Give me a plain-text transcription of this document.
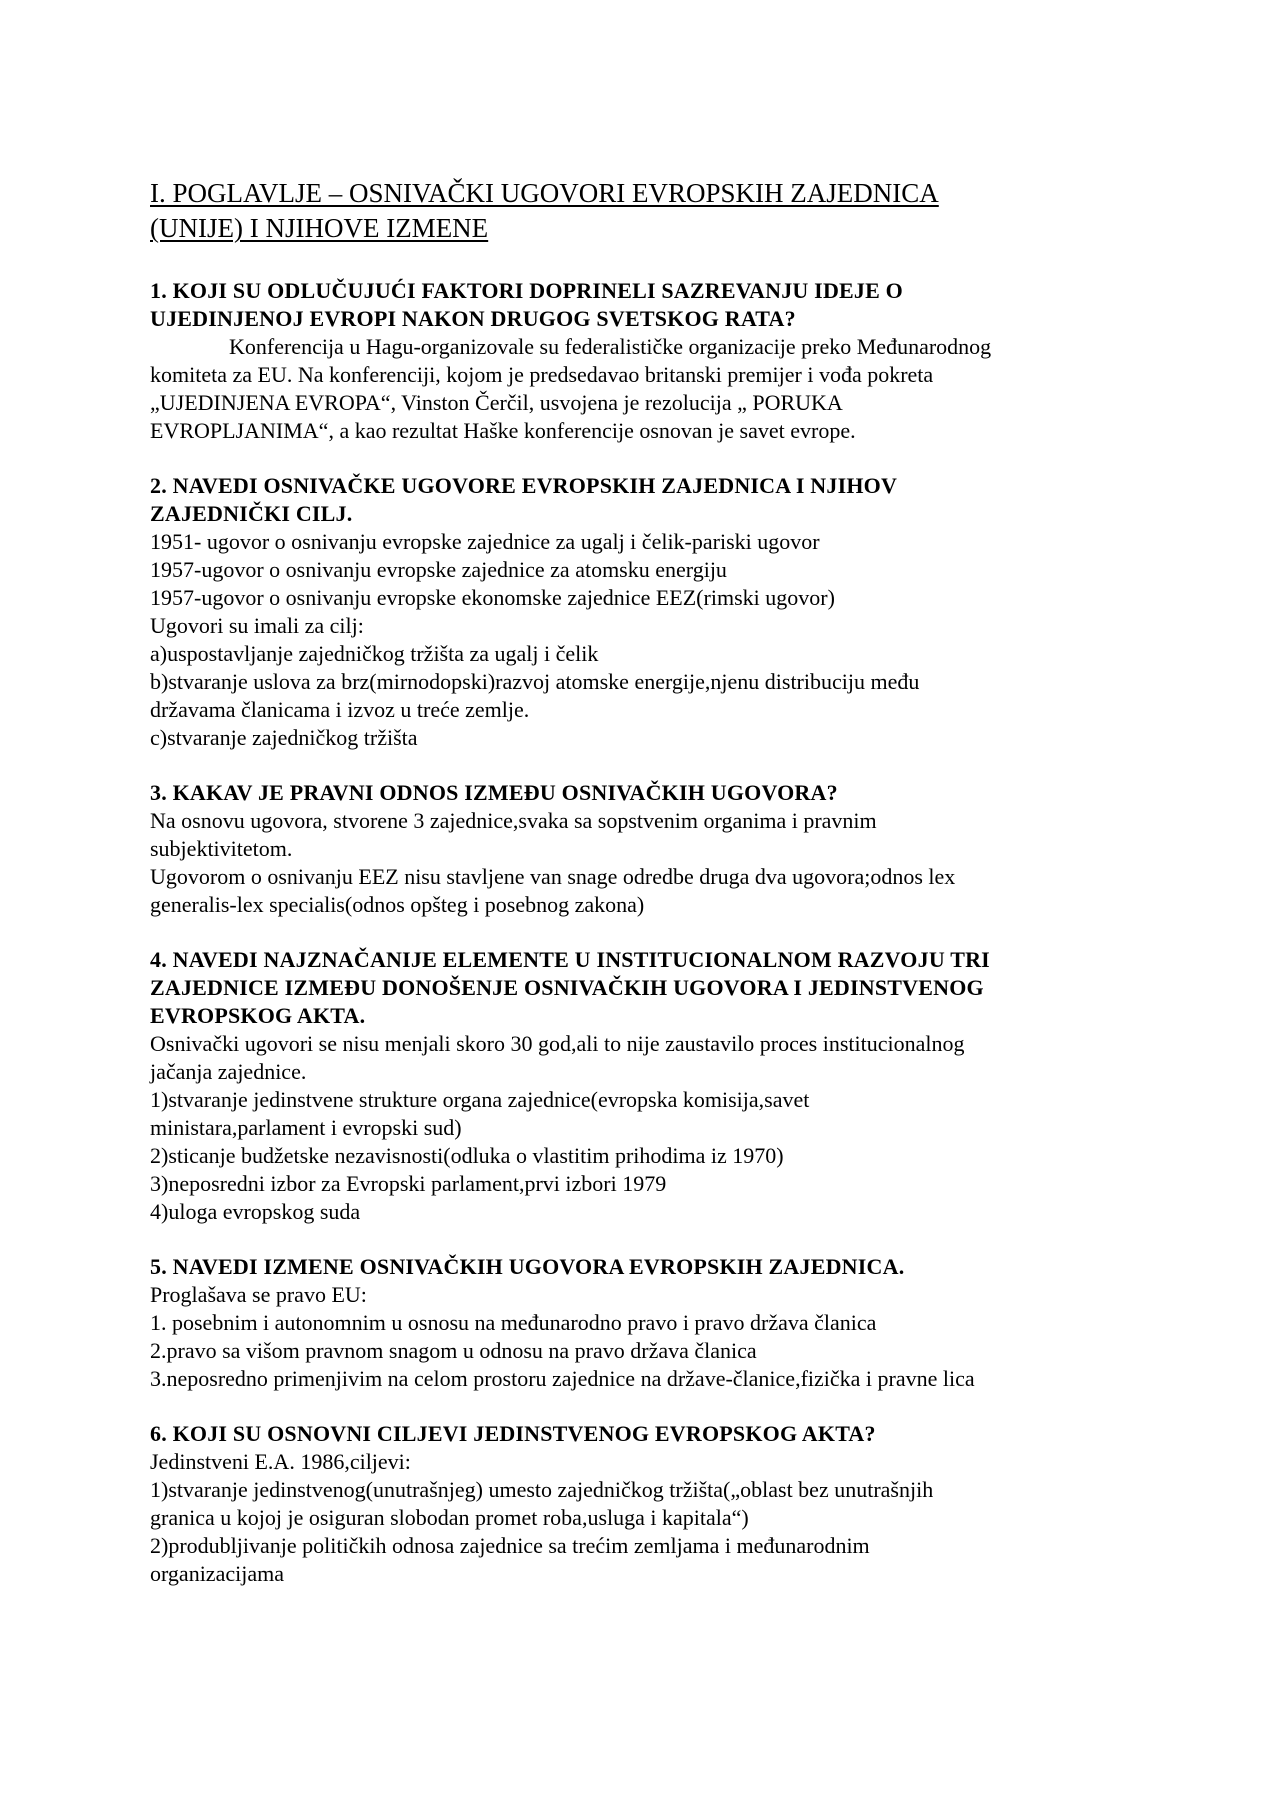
I. POGLAVLJE – OSNIVAČKI UGOVORI EVROPSKIH ZAJEDNICA
(UNIJE) I NJIHOVE IZMENE
1. KOJI SU ODLUČUJUĆI FAKTORI DOPRINELI SAZREVANJU IDEJE O
UJEDINJENOJ EVROPI NAKON DRUGOG SVETSKOG RATA?

Konferencija u Hagu-organizovale su federalističke organizacije preko Međunarodnog

komiteta za EU. Na konferenciji, kojom je predsedavao britanski premijer i vođa pokreta

„UJEDINJENA EVROPA“, Vinston Čerčil, usvojena je rezolucija „ PORUKA

EVROPLJANIMA“, a kao rezultat Haške konferencije osnovan je savet evrope.

2. NAVEDI OSNIVAČKE UGOVORE EVROPSKIH ZAJEDNICA I NJIHOV
ZAJEDNIČKI CILJ.

1951- ugovor o osnivanju evropske zajednice za ugalj i čelik-pariski ugovor

1957-ugovor o osnivanju evropske zajednice za atomsku energiju

1957-ugovor o osnivanju evropske ekonomske zajednice EEZ(rimski ugovor)

Ugovori su imali za cilj:

a)uspostavljanje zajedničkog tržišta za ugalj i čelik

b)stvaranje uslova za brz(mirnodopski)razvoj atomske energije,njenu distribuciju među

državama članicama i izvoz u treće zemlje.

c)stvaranje zajedničkog tržišta

3. KAKAV JE PRAVNI ODNOS IZMEĐU OSNIVAČKIH UGOVORA?

Na osnovu ugovora, stvorene 3 zajednice,svaka sa sopstvenim organima i pravnim

subjektivitetom.

Ugovorom o osnivanju EEZ nisu stavljene van snage odredbe druga dva ugovora;odnos lex

generalis-lex specialis(odnos opšteg i posebnog zakona)

4. NAVEDI NAJZNAČANIJE ELEMENTE U INSTITUCIONALNOM RAZVOJU TRI
ZAJEDNICE IZMEĐU DONOŠENJE OSNIVAČKIH UGOVORA I JEDINSTVENOG
EVROPSKOG AKTA.

Osnivački ugovori se nisu menjali skoro 30 god,ali to nije zaustavilo proces institucionalnog

jačanja zajednice.

1)stvaranje jedinstvene strukture organa zajednice(evropska komisija,savet

ministara,parlament i evropski sud)

2)sticanje budžetske nezavisnosti(odluka o vlastitim prihodima iz 1970)

3)neposredni izbor za Evropski parlament,prvi izbori 1979

4)uloga evropskog suda

5. NAVEDI IZMENE OSNIVAČKIH UGOVORA EVROPSKIH ZAJEDNICA.

Proglašava se pravo EU:

1. posebnim i autonomnim u osnosu na međunarodno pravo i pravo država članica

2.pravo sa višom pravnom snagom u odnosu na pravo država članica

3.neposredno primenjivim na celom prostoru zajednice na države-članice,fizička i pravne lica

6. KOJI SU OSNOVNI CILJEVI JEDINSTVENOG EVROPSKOG AKTA?

Jedinstveni E.A. 1986,ciljevi:

1)stvaranje jedinstvenog(unutrašnjeg) umesto zajedničkog tržišta(„oblast bez unutrašnjih

granica u kojoj je osiguran slobodan promet roba,usluga i kapitala“)

2)produbljivanje političkih odnosa zajednice sa trećim zemljama i međunarodnim

organizacijama
